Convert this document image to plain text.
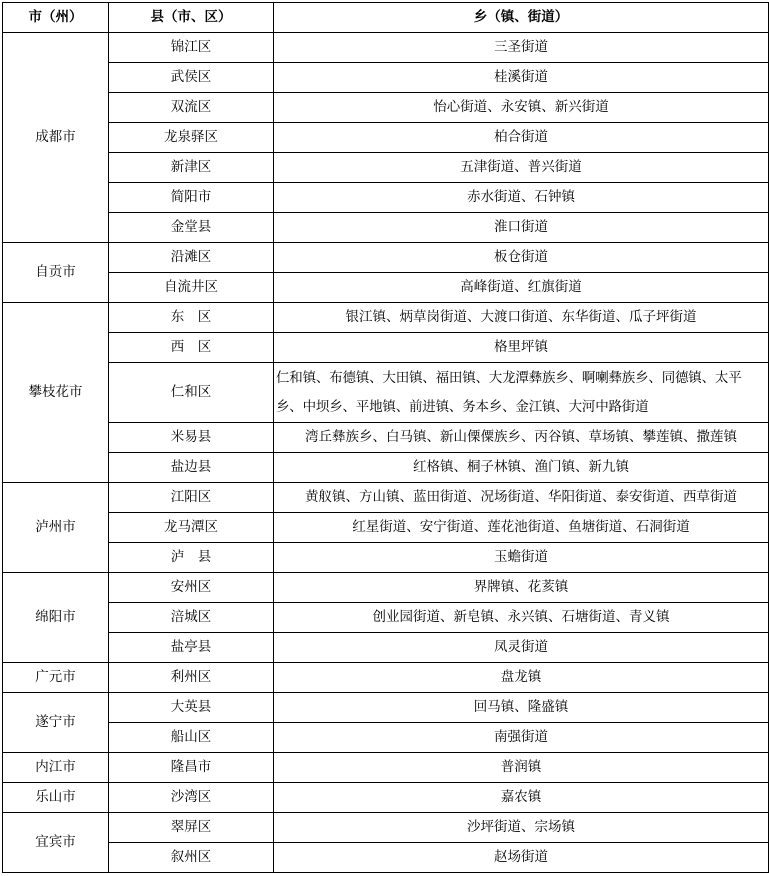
市（州）	县（市、区）	乡（镇、街道）
成都市	锦江区	三圣街道
	武侯区	桂溪街道
	双流区	怡心街道、永安镇、新兴街道
	龙泉驿区	柏合街道
	新津区	五津街道、普兴街道
	简阳市	赤水街道、石钟镇
	金堂县	淮口街道
自贡市	沿滩区	板仓街道
	自流井区	高峰街道、红旗街道
攀枝花市	东　区	银江镇、炳草岗街道、大渡口街道、东华街道、瓜子坪街道
	西　区	格里坪镇
	仁和区	仁和镇、布德镇、大田镇、福田镇、大龙潭彝族乡、啊喇彝族乡、同德镇、太平乡、中坝乡、平地镇、前进镇、务本乡、金江镇、大河中路街道
	米易县	湾丘彝族乡、白马镇、新山傈僳族乡、丙谷镇、草场镇、攀莲镇、撒莲镇
	盐边县	红格镇、桐子林镇、渔门镇、新九镇
泸州市	江阳区	黄舣镇、方山镇、蓝田街道、况场街道、华阳街道、泰安街道、西草街道
	龙马潭区	红星街道、安宁街道、莲花池街道、鱼塘街道、石洞街道
	泸　县	玉蟾街道
绵阳市	安州区	界牌镇、花荄镇
	涪城区	创业园街道、新皂镇、永兴镇、石塘街道、青义镇
	盐亭县	凤灵街道
广元市	利州区	盘龙镇
遂宁市	大英县	回马镇、隆盛镇
	船山区	南强街道
内江市	隆昌市	普润镇
乐山市	沙湾区	嘉农镇
宜宾市	翠屏区	沙坪街道、宗场镇
	叙州区	赵场街道
